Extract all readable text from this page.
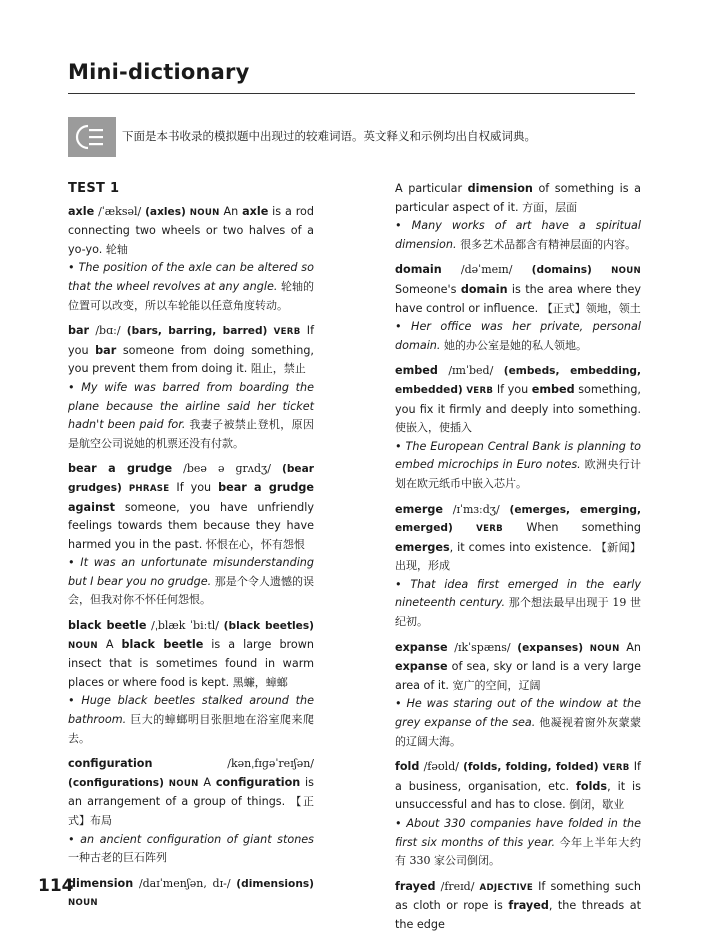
Mini-dictionary
下面是本书收录的模拟题中出现过的较难词语。英文释义和示例均出自权威词典。
TEST 1
axle /ˈæksəl/ (axles) NOUN An axle is a rod connecting two wheels or two halves of a yo-yo. 轮轴
• The position of the axle can be altered so that the wheel revolves at any angle. 轮轴的位置可以改变，所以车轮能以任意角度转动。
bar /bɑː/ (bars, barring, barred) VERB If you bar someone from doing something, you prevent them from doing it. 阻止，禁止
• My wife was barred from boarding the plane because the airline said her ticket hadn't been paid for. 我妻子被禁止登机，原因是航空公司说她的机票还没有付款。
bear a grudge /beə ə ɡrʌdʒ/ (bear grudges) PHRASE If you bear a grudge against someone, you have unfriendly feelings towards them because they have harmed you in the past. 怀恨在心，怀有怨恨
• It was an unfortunate misunderstanding but I bear you no grudge. 那是个令人遗憾的误会，但我对你不怀任何怨恨。
black beetle /ˌblæk ˈbiːtl/ (black beetles) NOUN A black beetle is a large brown insect that is sometimes found in warm places or where food is kept. 黑蠊，蟑螂
• Huge black beetles stalked around the bathroom. 巨大的蟑螂明目张胆地在浴室爬来爬去。
configuration	/kənˌfɪɡəˈreɪʃən/ (configurations) NOUN A configuration is an arrangement of a group of things. 【正式】布局
• an ancient configuration of giant stones 一种古老的巨石阵列
dimension /daɪˈmenʃən, dɪ-/ (dimensions) NOUN
A particular dimension of something is a particular aspect of it. 方面，层面
• Many works of art have a spiritual dimension. 很多艺术品都含有精神层面的内容。
domain /dəˈmeɪn/ (domains) NOUN Someone's domain is the area where they have control or influence. 【正式】领地，领土
• Her office was her private, personal domain. 她的办公室是她的私人领地。
embed /ɪmˈbed/ (embeds, embedding, embedded) VERB If you embed something, you fix it firmly and deeply into something. 使嵌入，使插入
• The European Central Bank is planning to embed microchips in Euro notes. 欧洲央行计划在欧元纸币中嵌入芯片。
emerge /ɪˈmɜːdʒ/ (emerges, emerging, emerged)	VERB When something emerges, it comes into existence. 【新闻】出现，形成
• That idea first emerged in the early nineteenth century. 那个想法最早出现于 19 世纪初。
expanse /ɪkˈspæns/ (expanses) NOUN An expanse of sea, sky or land is a very large area of it. 宽广的空间，辽阔
• He was staring out of the window at the grey expanse of the sea. 他凝视着窗外灰蒙蒙的辽阔大海。
fold /fəʊld/ (folds, folding, folded) VERB If a business, organisation, etc. folds, it is unsuccessful and has to close. 倒闭，歇业
• About 330 companies have folded in the first six months of this year. 今年上半年大约有 330 家公司倒闭。
frayed /freɪd/ ADJECTIVE If something such as cloth or rope is frayed, the threads at the edge
114
